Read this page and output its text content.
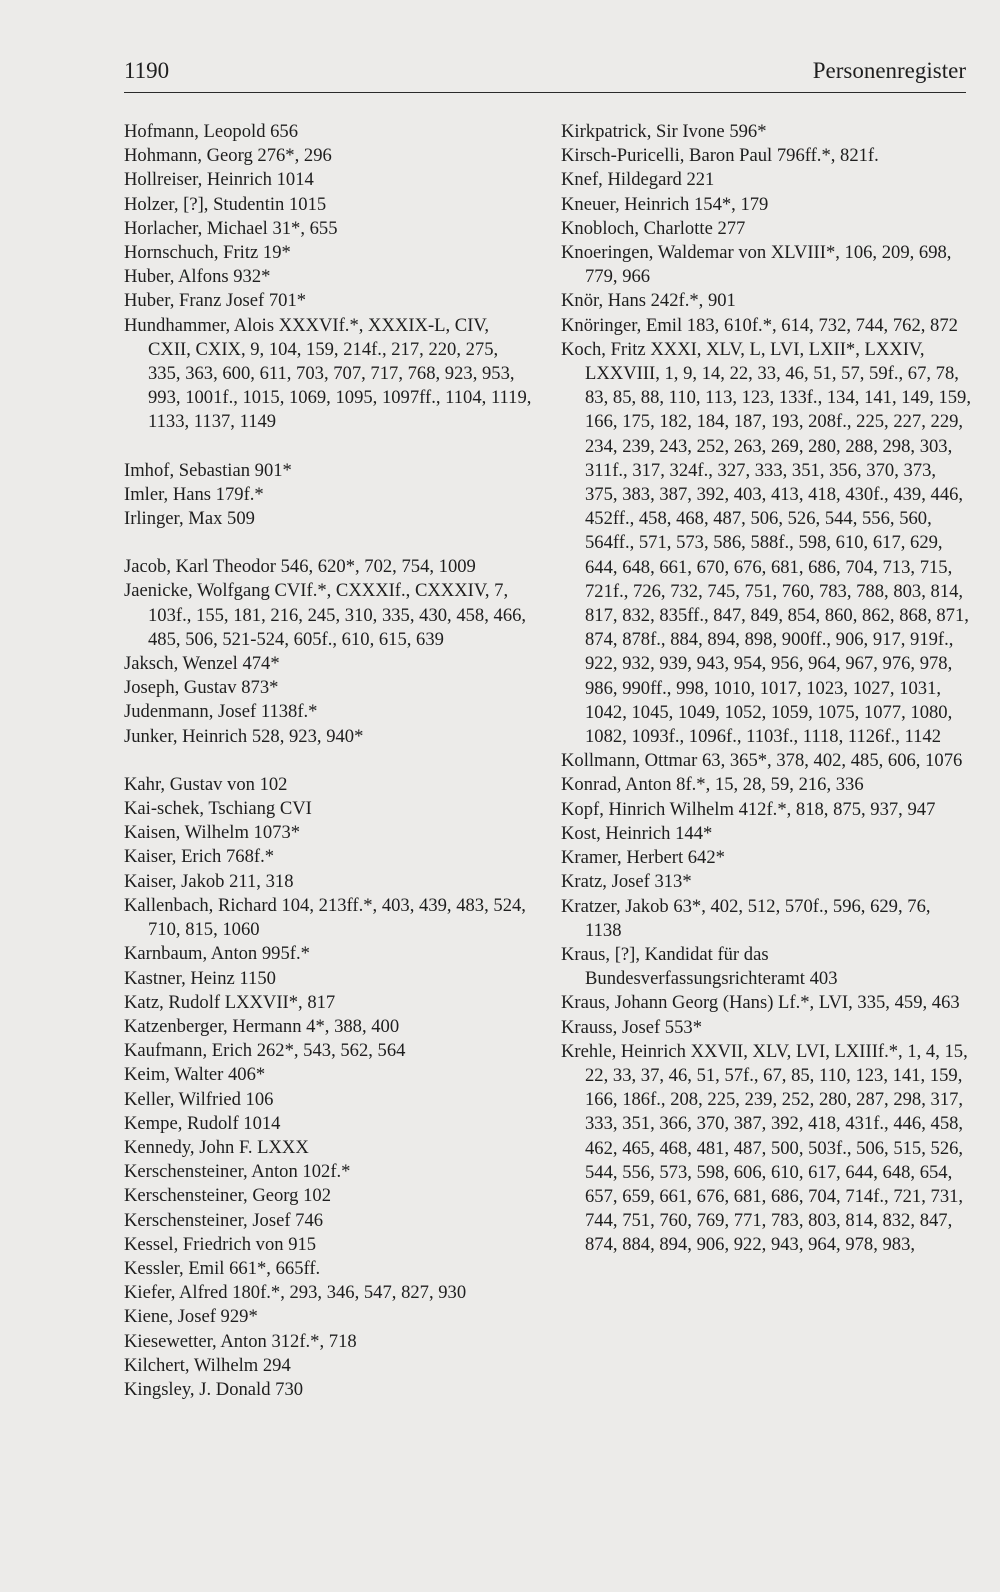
1190	Personenregister
Hofmann, Leopold 656
Hohmann, Georg 276*, 296
Hollreiser, Heinrich 1014
Holzer, [?], Studentin 1015
Horlacher, Michael 31*, 655
Hornschuch, Fritz 19*
Huber, Alfons 932*
Huber, Franz Josef 701*
Hundhammer, Alois XXXVIf.*, XXXIX-L, CIV, CXII, CXIX, 9, 104, 159, 214f., 217, 220, 275, 335, 363, 600, 611, 703, 707, 717, 768, 923, 953, 993, 1001f., 1015, 1069, 1095, 1097ff., 1104, 1119, 1133, 1137, 1149
Imhof, Sebastian 901*
Imler, Hans 179f.*
Irlinger, Max 509
Jacob, Karl Theodor 546, 620*, 702, 754, 1009
Jaenicke, Wolfgang CVIf.*, CXXXIf., CXXXIV, 7, 103f., 155, 181, 216, 245, 310, 335, 430, 458, 466, 485, 506, 521-524, 605f., 610, 615, 639
Jaksch, Wenzel 474*
Joseph, Gustav 873*
Judenmann, Josef 1138f.*
Junker, Heinrich 528, 923, 940*
Kahr, Gustav von 102
Kai-schek, Tschiang CVI
Kaisen, Wilhelm 1073*
Kaiser, Erich 768f.*
Kaiser, Jakob 211, 318
Kallenbach, Richard 104, 213ff.*, 403, 439, 483, 524, 710, 815, 1060
Karnbaum, Anton 995f.*
Kastner, Heinz 1150
Katz, Rudolf LXXVII*, 817
Katzenberger, Hermann 4*, 388, 400
Kaufmann, Erich 262*, 543, 562, 564
Keim, Walter 406*
Keller, Wilfried 106
Kempe, Rudolf 1014
Kennedy, John F. LXXX
Kerschensteiner, Anton 102f.*
Kerschensteiner, Georg 102
Kerschensteiner, Josef 746
Kessel, Friedrich von 915
Kessler, Emil 661*, 665ff.
Kiefer, Alfred 180f.*, 293, 346, 547, 827, 930
Kiene, Josef 929*
Kiesewetter, Anton 312f.*, 718
Kilchert, Wilhelm 294
Kingsley, J. Donald 730
Kirkpatrick, Sir Ivone 596*
Kirsch-Puricelli, Baron Paul 796ff.*, 821f.
Knef, Hildegard 221
Kneuer, Heinrich 154*, 179
Knobloch, Charlotte 277
Knoeringen, Waldemar von XLVIII*, 106, 209, 698, 779, 966
Knör, Hans 242f.*, 901
Knöringer, Emil 183, 610f.*, 614, 732, 744, 762, 872
Koch, Fritz XXXI, XLV, L, LVI, LXII*, LXXIV, LXXVIII, 1, 9, 14, 22, 33, 46, 51, 57, 59f., 67, 78, 83, 85, 88, 110, 113, 123, 133f., 134, 141, 149, 159, 166, 175, 182, 184, 187, 193, 208f., 225, 227, 229, 234, 239, 243, 252, 263, 269, 280, 288, 298, 303, 311f., 317, 324f., 327, 333, 351, 356, 370, 373, 375, 383, 387, 392, 403, 413, 418, 430f., 439, 446, 452ff., 458, 468, 487, 506, 526, 544, 556, 560, 564ff., 571, 573, 586, 588f., 598, 610, 617, 629, 644, 648, 661, 670, 676, 681, 686, 704, 713, 715, 721f., 726, 732, 745, 751, 760, 783, 788, 803, 814, 817, 832, 835ff., 847, 849, 854, 860, 862, 868, 871, 874, 878f., 884, 894, 898, 900ff., 906, 917, 919f., 922, 932, 939, 943, 954, 956, 964, 967, 976, 978, 986, 990ff., 998, 1010, 1017, 1023, 1027, 1031, 1042, 1045, 1049, 1052, 1059, 1075, 1077, 1080, 1082, 1093f., 1096f., 1103f., 1118, 1126f., 1142
Kollmann, Ottmar 63, 365*, 378, 402, 485, 606, 1076
Konrad, Anton 8f.*, 15, 28, 59, 216, 336
Kopf, Hinrich Wilhelm 412f.*, 818, 875, 937, 947
Kost, Heinrich 144*
Kramer, Herbert 642*
Kratz, Josef 313*
Kratzer, Jakob 63*, 402, 512, 570f., 596, 629, 76, 1138
Kraus, [?], Kandidat für das Bundesverfassungsrichteramt 403
Kraus, Johann Georg (Hans) Lf.*, LVI, 335, 459, 463
Krauss, Josef 553*
Krehle, Heinrich XXVII, XLV, LVI, LXIIIf.*, 1, 4, 15, 22, 33, 37, 46, 51, 57f., 67, 85, 110, 123, 141, 159, 166, 186f., 208, 225, 239, 252, 280, 287, 298, 317, 333, 351, 366, 370, 387, 392, 418, 431f., 446, 458, 462, 465, 468, 481, 487, 500, 503f., 506, 515, 526, 544, 556, 573, 598, 606, 610, 617, 644, 648, 654, 657, 659, 661, 676, 681, 686, 704, 714f., 721, 731, 744, 751, 760, 769, 771, 783, 803, 814, 832, 847, 874, 884, 894, 906, 922, 943, 964, 978, 983,
